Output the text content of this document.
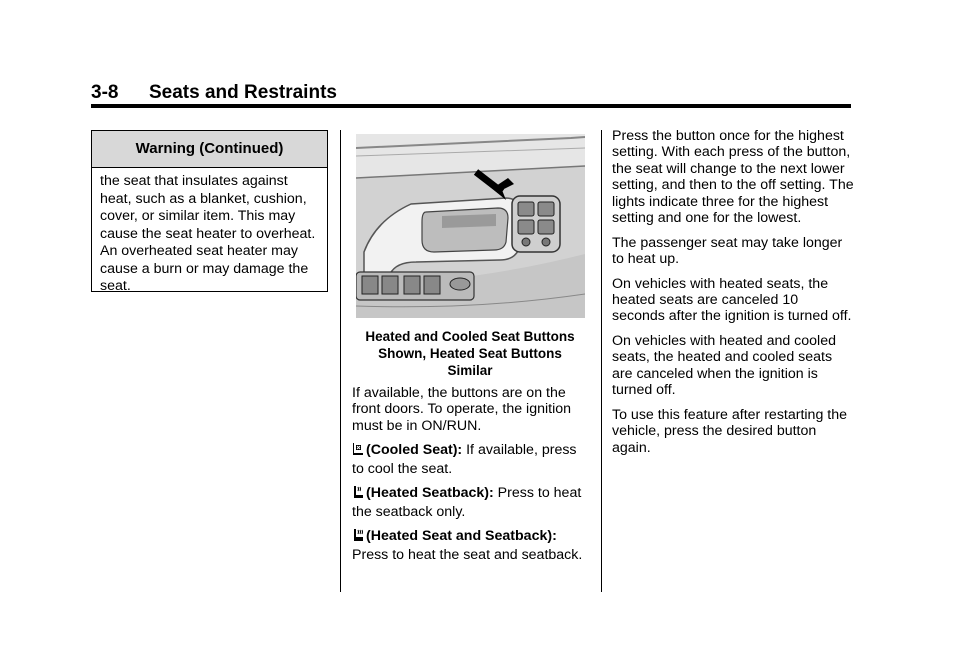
3-8 Seats and Restraints
Warning (Continued)
the seat that insulates against heat, such as a blanket, cushion, cover, or similar item. This may cause the seat heater to overheat. An overheated seat heater may cause a burn or may damage the seat.
Heated and Cooled Seat Buttons
Shown, Heated Seat Buttons
Similar

If available, the buttons are on the front doors. To operate, the ignition must be in ON/RUN.

(Cooled Seat): If available, press to cool the seat.

(Heated Seatback): Press to heat the seatback only.

(Heated Seat and Seatback):
Press to heat the seat and seatback.

Press the button once for the highest setting. With each press of the button, the seat will change to the next lower setting, and then to the off setting. The lights indicate three for the highest setting and one for the lowest.

The passenger seat may take longer to heat up.

On vehicles with heated seats, the heated seats are canceled 10 seconds after the ignition is turned off.

On vehicles with heated and cooled seats, the heated and cooled seats are canceled when the ignition is turned off.

To use this feature after restarting the vehicle, press the desired button again.
